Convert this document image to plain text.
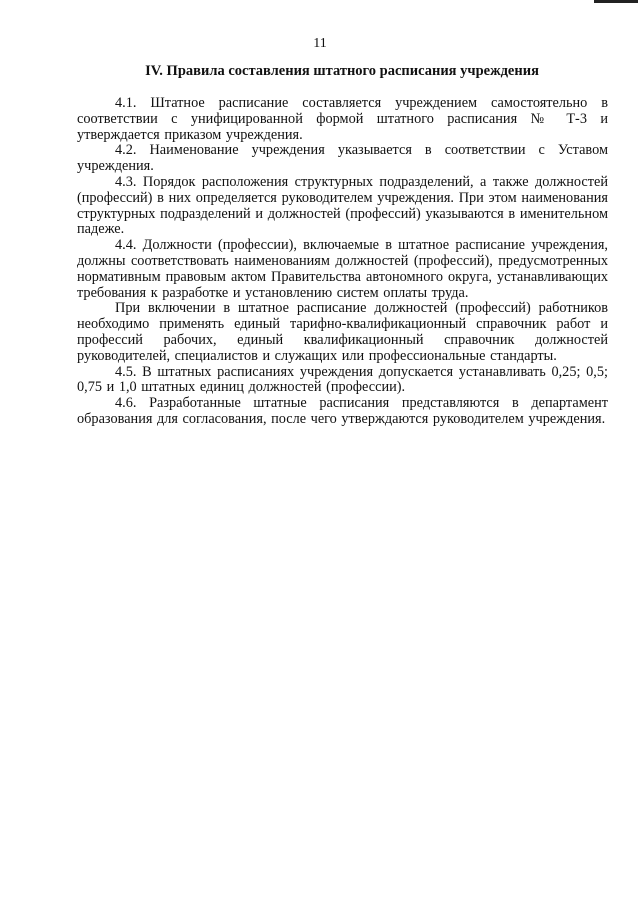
11
IV. Правила составления штатного расписания учреждения

4.1. Штатное расписание составляется учреждением самостоятельно в соответствии с унифицированной формой штатного расписания № Т-3 и утверждается приказом учреждения.

4.2. Наименование учреждения указывается в соответствии с Уставом учреждения.

4.3. Порядок расположения структурных подразделений, а также должностей (профессий) в них определяется руководителем учреждения. При этом наименования структурных подразделений и должностей (профессий) указываются в именительном падеже.

4.4. Должности (профессии), включаемые в штатное расписание учреждения, должны соответствовать наименованиям должностей (профессий), предусмотренных нормативным правовым актом Правительства автономного округа, устанавливающих требования к разработке и установлению систем оплаты труда.

При включении в штатное расписание должностей (профессий) работников необходимо применять единый тарифно-квалификационный справочник работ и профессий рабочих, единый квалификационный справочник должностей руководителей, специалистов и служащих или профессиональные стандарты.

4.5. В штатных расписаниях учреждения допускается устанавливать 0,25; 0,5; 0,75 и 1,0 штатных единиц должностей (профессии).

4.6. Разработанные штатные расписания представляются в департамент образования для согласования, после чего утверждаются руководителем учреждения.
